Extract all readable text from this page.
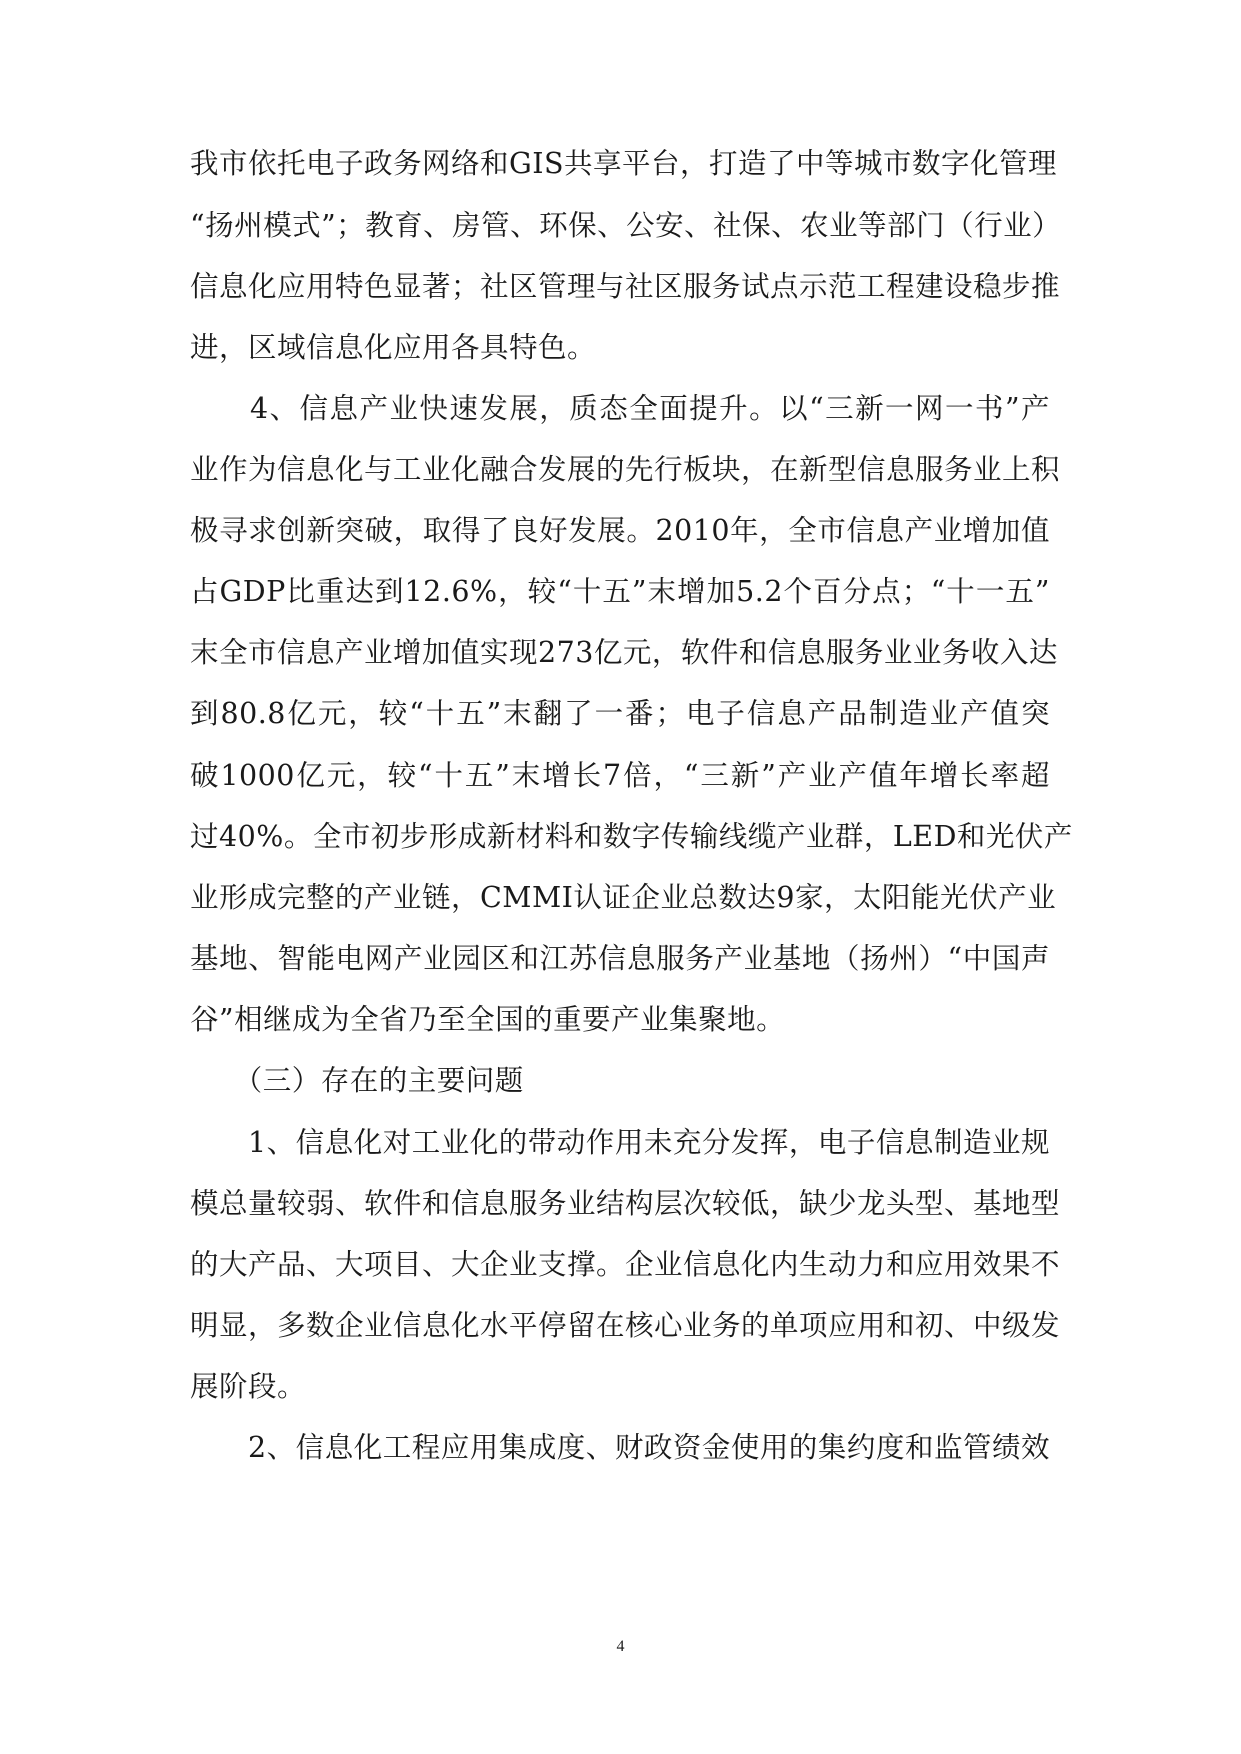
我市依托电子政务网络和GIS共享平台，打造了中等城市数字化管理
“扬州模式”；教育、房管、环保、公安、社保、农业等部门（行业）
信息化应用特色显著；社区管理与社区服务试点示范工程建设稳步推
进，区域信息化应用各具特色。
　　4、信息产业快速发展，质态全面提升。以“三新一网一书”产
业作为信息化与工业化融合发展的先行板块，在新型信息服务业上积
极寻求创新突破，取得了良好发展。2010年，全市信息产业增加值
占GDP比重达到12.6%，较“十五”末增加5.2个百分点；“十一五”
末全市信息产业增加值实现273亿元，软件和信息服务业业务收入达
到80.8亿元，较“十五”末翻了一番；电子信息产品制造业产值突
破1000亿元，较“十五”末增长7倍，“三新”产业产值年增长率超
过40%。全市初步形成新材料和数字传输线缆产业群，LED和光伏产
业形成完整的产业链，CMMI认证企业总数达9家，太阳能光伏产业
基地、智能电网产业园区和江苏信息服务产业基地（扬州）“中国声
谷”相继成为全省乃至全国的重要产业集聚地。
　　（三）存在的主要问题
　　1、信息化对工业化的带动作用未充分发挥，电子信息制造业规
模总量较弱、软件和信息服务业结构层次较低，缺少龙头型、基地型
的大产品、大项目、大企业支撑。企业信息化内生动力和应用效果不
明显，多数企业信息化水平停留在核心业务的单项应用和初、中级发
展阶段。
　　2、信息化工程应用集成度、财政资金使用的集约度和监管绩效
4
